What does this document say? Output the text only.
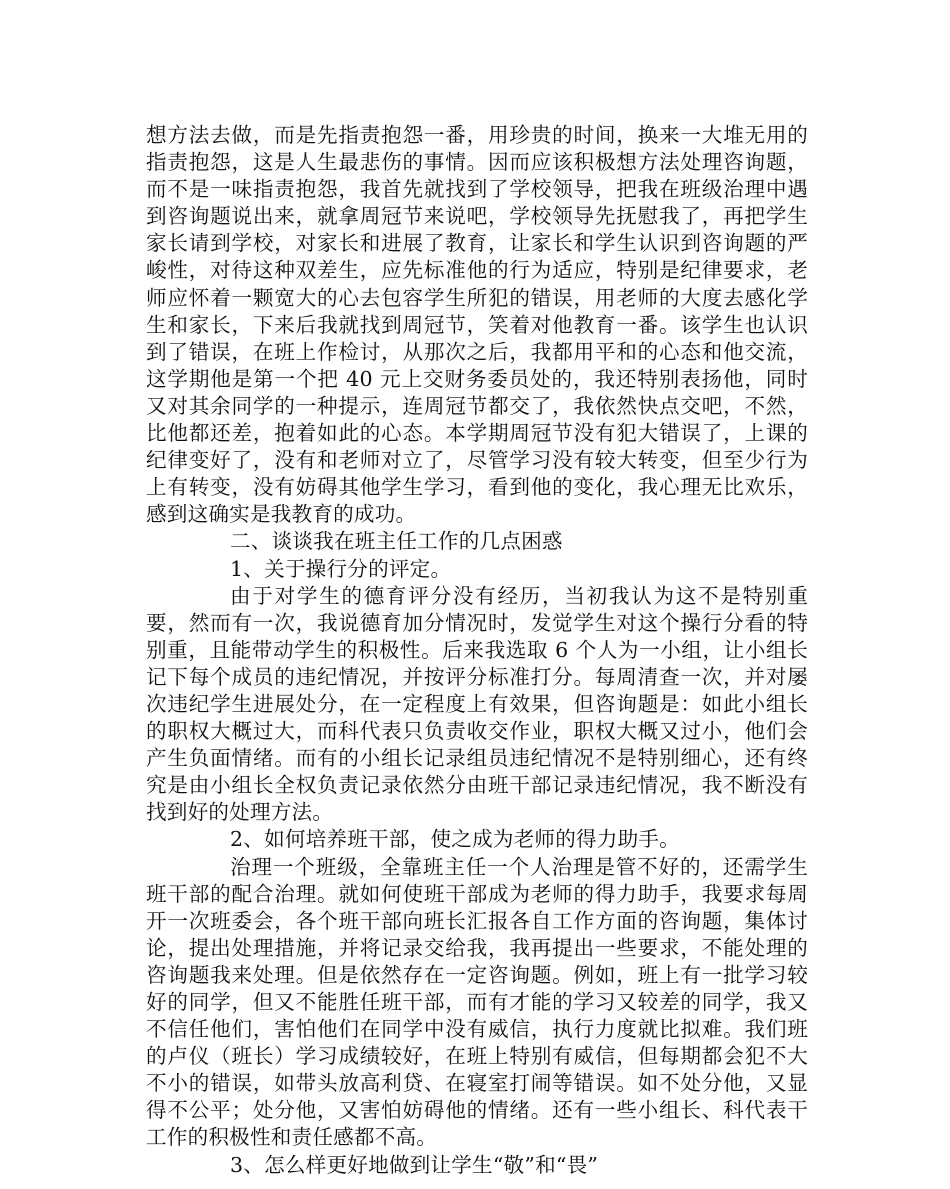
想方法去做，而是先指责抱怨一番，用珍贵的时间，换来一大堆无用的指责抱怨，这是人生最悲伤的事情。因而应该积极想方法处理咨询题，而不是一味指责抱怨，我首先就找到了学校领导，把我在班级治理中遇到咨询题说出来，就拿周冠节来说吧，学校领导先抚慰我了，再把学生家长请到学校，对家长和进展了教育，让家长和学生认识到咨询题的严峻性，对待这种双差生，应先标准他的行为适应，特别是纪律要求，老师应怀着一颗宽大的心去包容学生所犯的错误，用老师的大度去感化学生和家长，下来后我就找到周冠节，笑着对他教育一番。该学生也认识到了错误，在班上作检讨，从那次之后，我都用平和的心态和他交流，这学期他是第一个把 40 元上交财务委员处的，我还特别表扬他，同时又对其余同学的一种提示，连周冠节都交了，我依然快点交吧，不然，比他都还差，抱着如此的心态。本学期周冠节没有犯大错误了，上课的纪律变好了，没有和老师对立了，尽管学习没有较大转变，但至少行为上有转变，没有妨碍其他学生学习，看到他的变化，我心理无比欢乐，感到这确实是我教育的成功。

二、谈谈我在班主任工作的几点困惑

1、关于操行分的评定。

由于对学生的德育评分没有经历，当初我认为这不是特别重要，然而有一次，我说德育加分情况时，发觉学生对这个操行分看的特别重，且能带动学生的积极性。后来我选取 6 个人为一小组，让小组长记下每个成员的违纪情况，并按评分标准打分。每周清查一次，并对屡次违纪学生进展处分，在一定程度上有效果，但咨询题是：如此小组长的职权大概过大，而科代表只负责收交作业，职权大概又过小，他们会产生负面情绪。而有的小组长记录组员违纪情况不是特别细心，还有终究是由小组长全权负责记录依然分由班干部记录违纪情况，我不断没有找到好的处理方法。

2、如何培养班干部，使之成为老师的得力助手。

治理一个班级，全靠班主任一个人治理是管不好的，还需学生班干部的配合治理。就如何使班干部成为老师的得力助手，我要求每周开一次班委会，各个班干部向班长汇报各自工作方面的咨询题，集体讨论，提出处理措施，并将记录交给我，我再提出一些要求，不能处理的咨询题我来处理。但是依然存在一定咨询题。例如，班上有一批学习较好的同学，但又不能胜任班干部，而有才能的学习又较差的同学，我又不信任他们，害怕他们在同学中没有威信，执行力度就比拟难。我们班的卢仪（班长）学习成绩较好，在班上特别有威信，但每期都会犯不大不小的错误，如带头放高利贷、在寝室打闹等错误。如不处分他，又显得不公平；处分他，又害怕妨碍他的情绪。还有一些小组长、科代表干工作的积极性和责任感都不高。

3、怎么样更好地做到让学生“敬”和“畏”
